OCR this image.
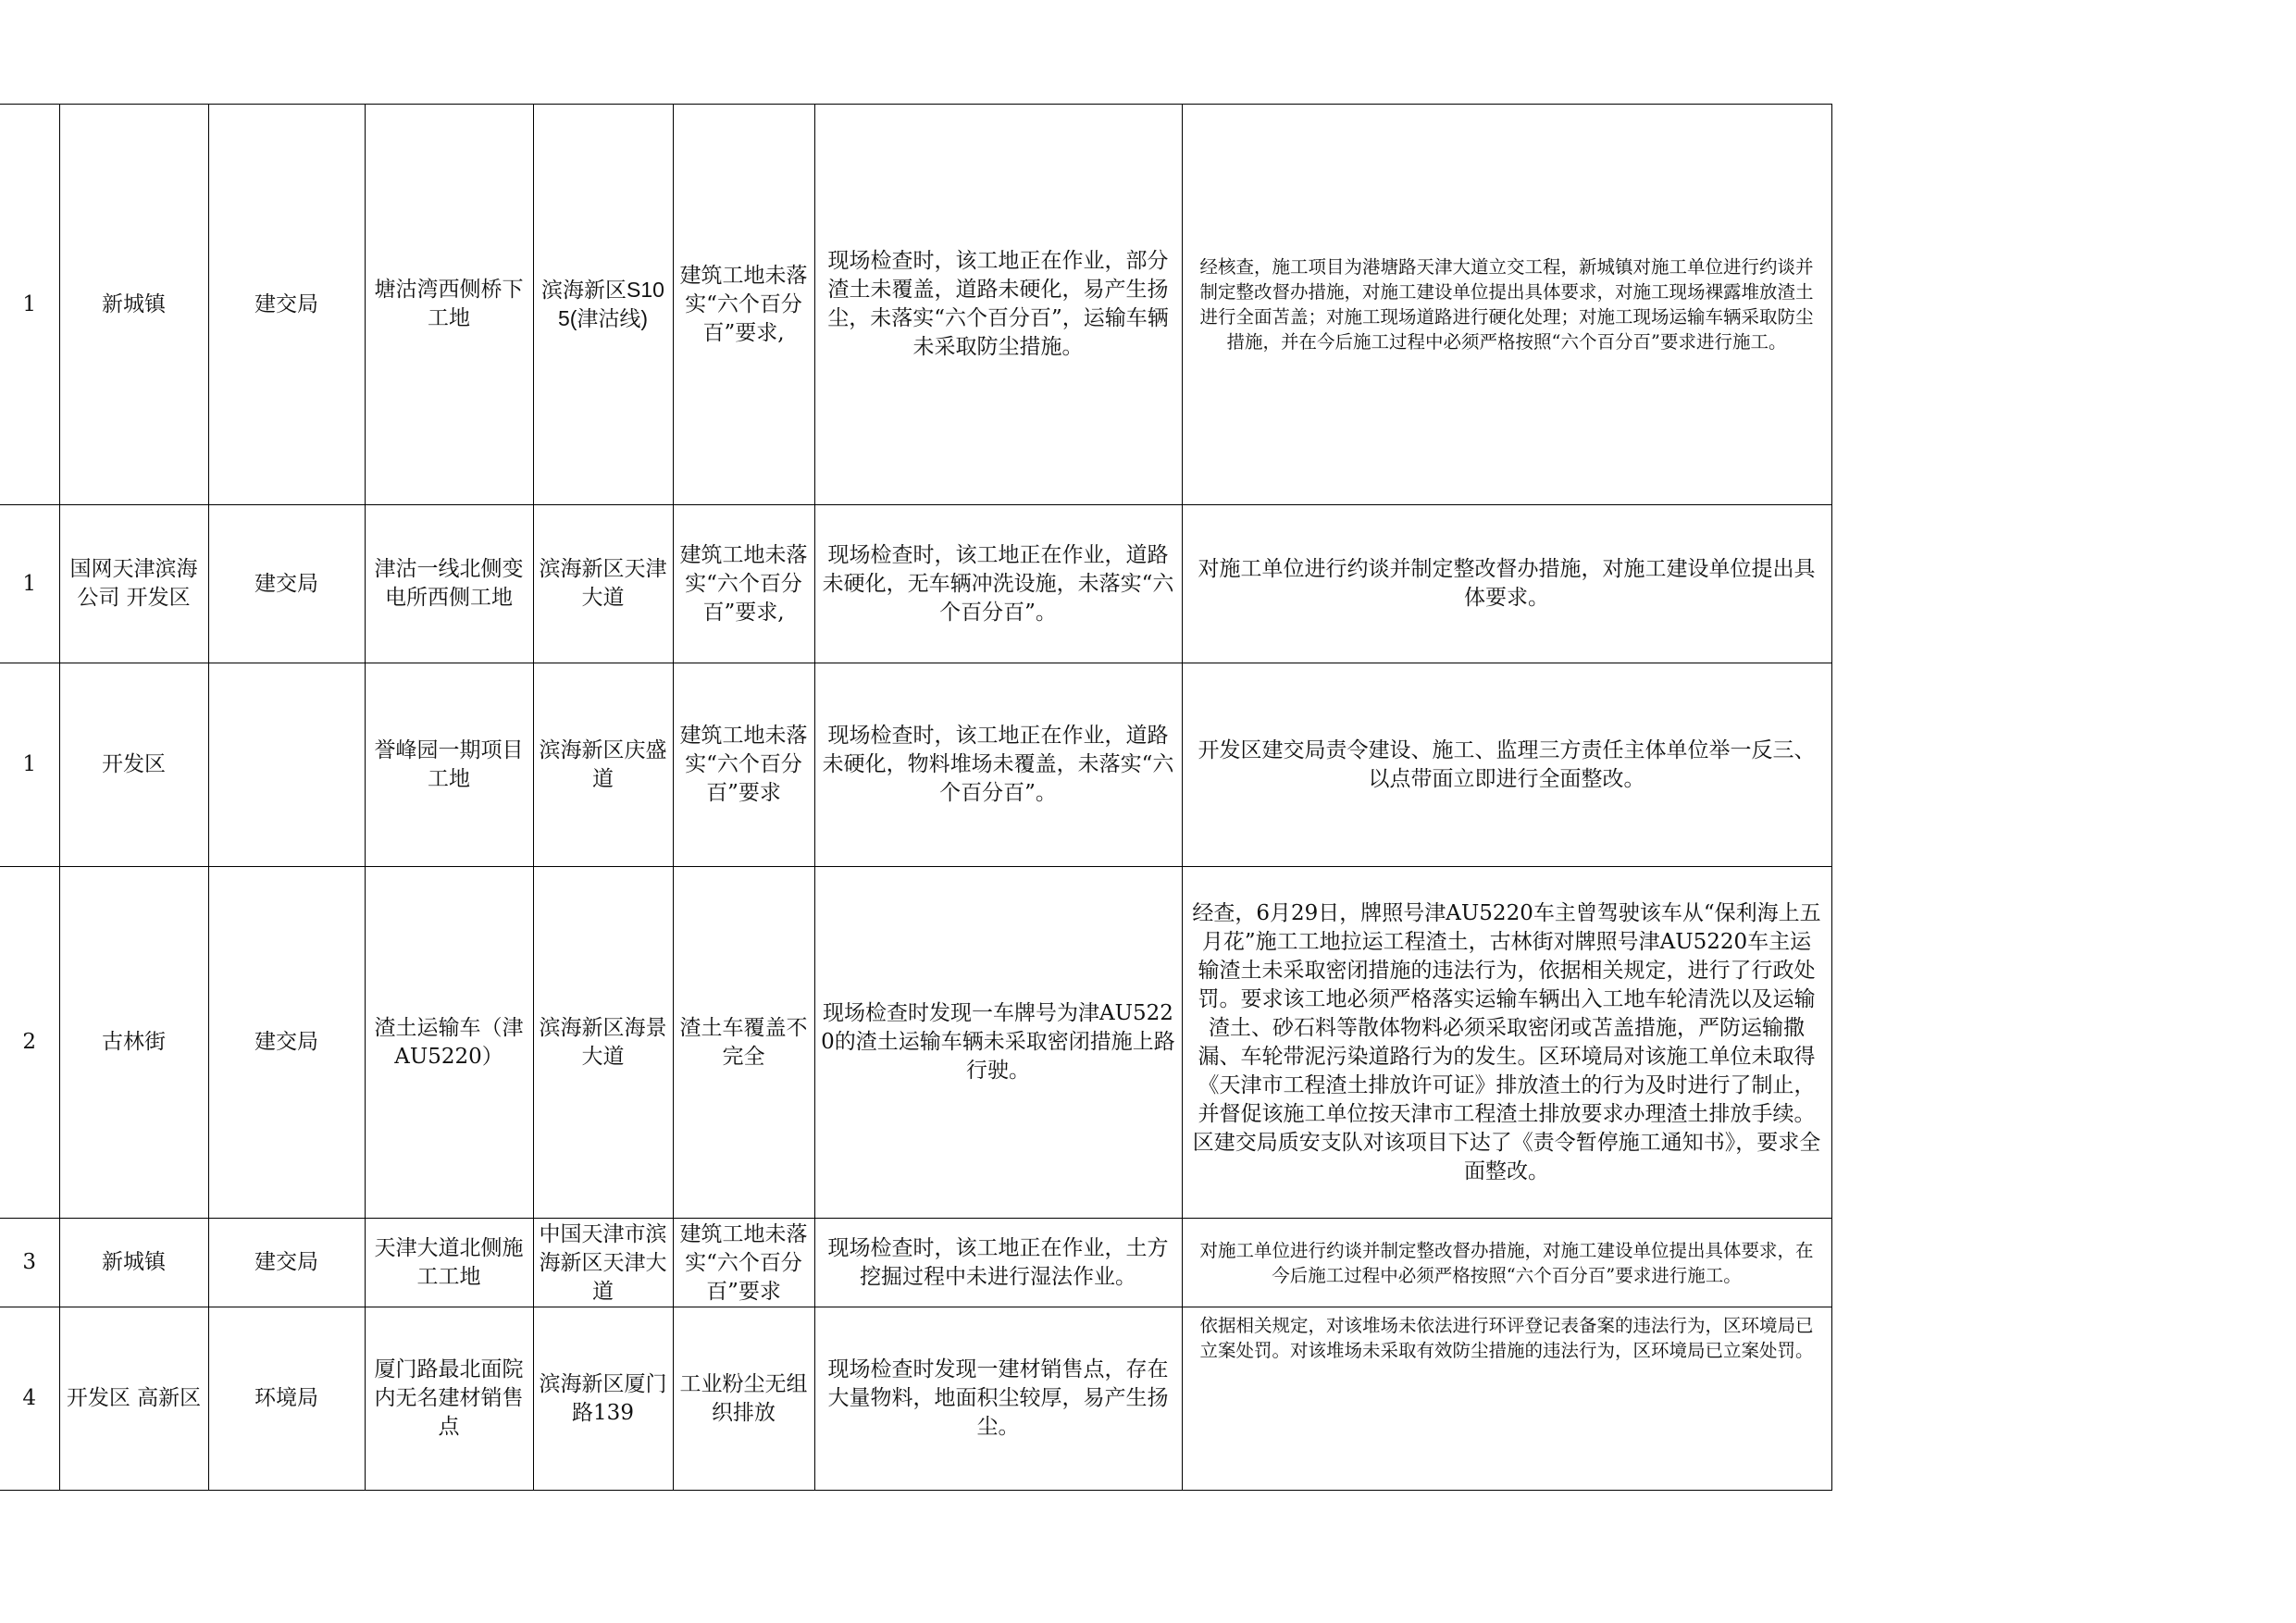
1	新城镇	建交局	塘沽湾西侧桥下工地	滨海新区S105(津沽线)	建筑工地未落实“六个百分百”要求,	现场检查时，该工地正在作业，部分渣土未覆盖，道路未硬化，易产生扬尘，未落实“六个百分百”，运输车辆未采取防尘措施。	经核查，施工项目为港塘路天津大道立交工程，新城镇对施工单位进行约谈并制定整改督办措施，对施工建设单位提出具体要求，对施工现场裸露堆放渣土进行全面苫盖；对施工现场道路进行硬化处理；对施工现场运输车辆采取防尘措施，并在今后施工过程中必须严格按照“六个百分百”要求进行施工。
1	国网天津滨海公司 开发区	建交局	津沽一线北侧变电所西侧工地	滨海新区天津大道	建筑工地未落实“六个百分百”要求,	现场检查时，该工地正在作业，道路未硬化，无车辆冲洗设施，未落实“六个百分百”。	对施工单位进行约谈并制定整改督办措施，对施工建设单位提出具体要求。
1	开发区		誉峰园一期项目工地	滨海新区庆盛道	建筑工地未落实“六个百分百”要求	现场检查时，该工地正在作业，道路未硬化，物料堆场未覆盖，未落实“六个百分百”。	开发区建交局责令建设、施工、监理三方责任主体单位举一反三、以点带面立即进行全面整改。
2	古林街	建交局	渣土运输车（津AU5220）	滨海新区海景大道	渣土车覆盖不完全	现场检查时发现一车牌号为津AU5220的渣土运输车辆未采取密闭措施上路行驶。	经查，6月29日，牌照号津AU5220车主曾驾驶该车从“保利海上五月花”施工工地拉运工程渣土，古林街对牌照号津AU5220车主运输渣土未采取密闭措施的违法行为，依据相关规定，进行了行政处罚。要求该工地必须严格落实运输车辆出入工地车轮清洗以及运输渣土、砂石料等散体物料必须采取密闭或苫盖措施，严防运输撒漏、车轮带泥污染道路行为的发生。区环境局对该施工单位未取得《天津市工程渣土排放许可证》排放渣土的行为及时进行了制止，并督促该施工单位按天津市工程渣土排放要求办理渣土排放手续。区建交局质安支队对该项目下达了《责令暂停施工通知书》，要求全面整改。
3	新城镇	建交局	天津大道北侧施工工地	中国天津市滨海新区天津大道	建筑工地未落实“六个百分百”要求	现场检查时，该工地正在作业，土方挖掘过程中未进行湿法作业。	对施工单位进行约谈并制定整改督办措施，对施工建设单位提出具体要求，在今后施工过程中必须严格按照“六个百分百”要求进行施工。
4	开发区 高新区	环境局	厦门路最北面院内无名建材销售点	滨海新区厦门路139	工业粉尘无组织排放	现场检查时发现一建材销售点，存在大量物料，地面积尘较厚，易产生扬尘。	依据相关规定，对该堆场未依法进行环评登记表备案的违法行为，区环境局已立案处罚。对该堆场未采取有效防尘措施的违法行为，区环境局已立案处罚。
